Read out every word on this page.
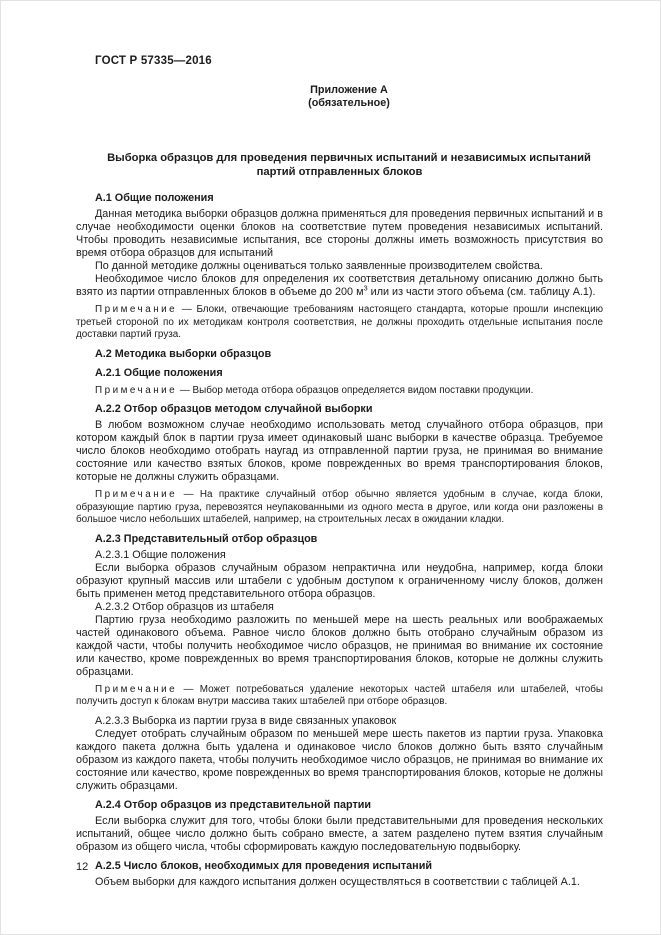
ГОСТ Р 57335—2016

Приложение А

(обязательное)

Выборка образцов для проведения первичных испытаний и независимых испытаний партий отправленных блоков

А.1 Общие положения

Данная методика выборки образцов должна применяться для проведения первичных испытаний и в случае необходимости оценки блоков на соответствие путем проведения независимых испытаний. Чтобы проводить независимые испытания, все стороны должны иметь возможность присутствия во время отбора образцов для испытаний

По данной методике должны оцениваться только заявленные производителем свойства.

Необходимое число блоков для определения их соответствия детальному описанию должно быть взято из партии отправленных блоков в объеме до 200 $м^3$ или из части этого объема (см. таблицу А.1).

Примечание — Блоки, отвечающие требованиям настоящего стандарта, которые прошли инспекцию третьей стороной по их методикам контроля соответствия, не должны проходить отдельные испытания после доставки партий груза.

А.2 Методика выборки образцов

А.2.1 Общие положения

Примечание — Выбор метода отбора образцов определяется видом поставки продукции.

А.2.2 Отбор образцов методом случайной выборки

В любом возможном случае необходимо использовать метод случайного отбора образцов, при котором каждый блок в партии груза имеет одинаковый шанс выборки в качестве образца. Требуемое число блоков необходимо отобрать наугад из отправленной партии груза, не принимая во внимание состояние или качество взятых блоков, кроме поврежденных во время транспортирования блоков, которые не должны служить образцами.

Примечание — На практике случайный отбор обычно является удобным в случае, когда блоки, образующие партию груза, перевозятся неупакованными из одного места в другое, или когда они разложены в большое число небольших штабелей, например, на строительных лесах в ожидании кладки.

А.2.3 Представительный отбор образцов

А.2.3.1 Общие положения

Если выборка образов случайным образом непрактична или неудобна, например, когда блоки образуют крупный массив или штабели с удобным доступом к ограниченному числу блоков, должен быть применен метод представительного отбора образцов.

А.2.3.2 Отбор образцов из штабеля

Партию груза необходимо разложить по меньшей мере на шесть реальных или воображаемых частей одинакового объема. Равное число блоков должно быть отобрано случайным образом из каждой части, чтобы получить необходимое число образцов, не принимая во внимание их состояние или качество, кроме поврежденных во время транспортирования блоков, которые не должны служить образцами.

Примечание — Может потребоваться удаление некоторых частей штабеля или штабелей, чтобы получить доступ к блокам внутри массива таких штабелей при отборе образцов.

А.2.3.3 Выборка из партии груза в виде связанных упаковок

Следует отобрать случайным образом по меньшей мере шесть пакетов из партии груза. Упаковка каждого пакета должна быть удалена и одинаковое число блоков должно быть взято случайным образом из каждого пакета, чтобы получить необходимое число образцов, не принимая во внимание их состояние или качество, кроме поврежденных во время транспортирования блоков, которые не должны служить образцами.

А.2.4 Отбор образцов из представительной партии

Если выборка служит для того, чтобы блоки были представительными для проведения нескольких испытаний, общее число должно быть собрано вместе, а затем разделено путем взятия случайным образом из общего числа, чтобы сформировать каждую последовательную подвыборку.

А.2.5 Число блоков, необходимых для проведения испытаний

Объем выборки для каждого испытания должен осуществляться в соответствии с таблицей А.1.

12
